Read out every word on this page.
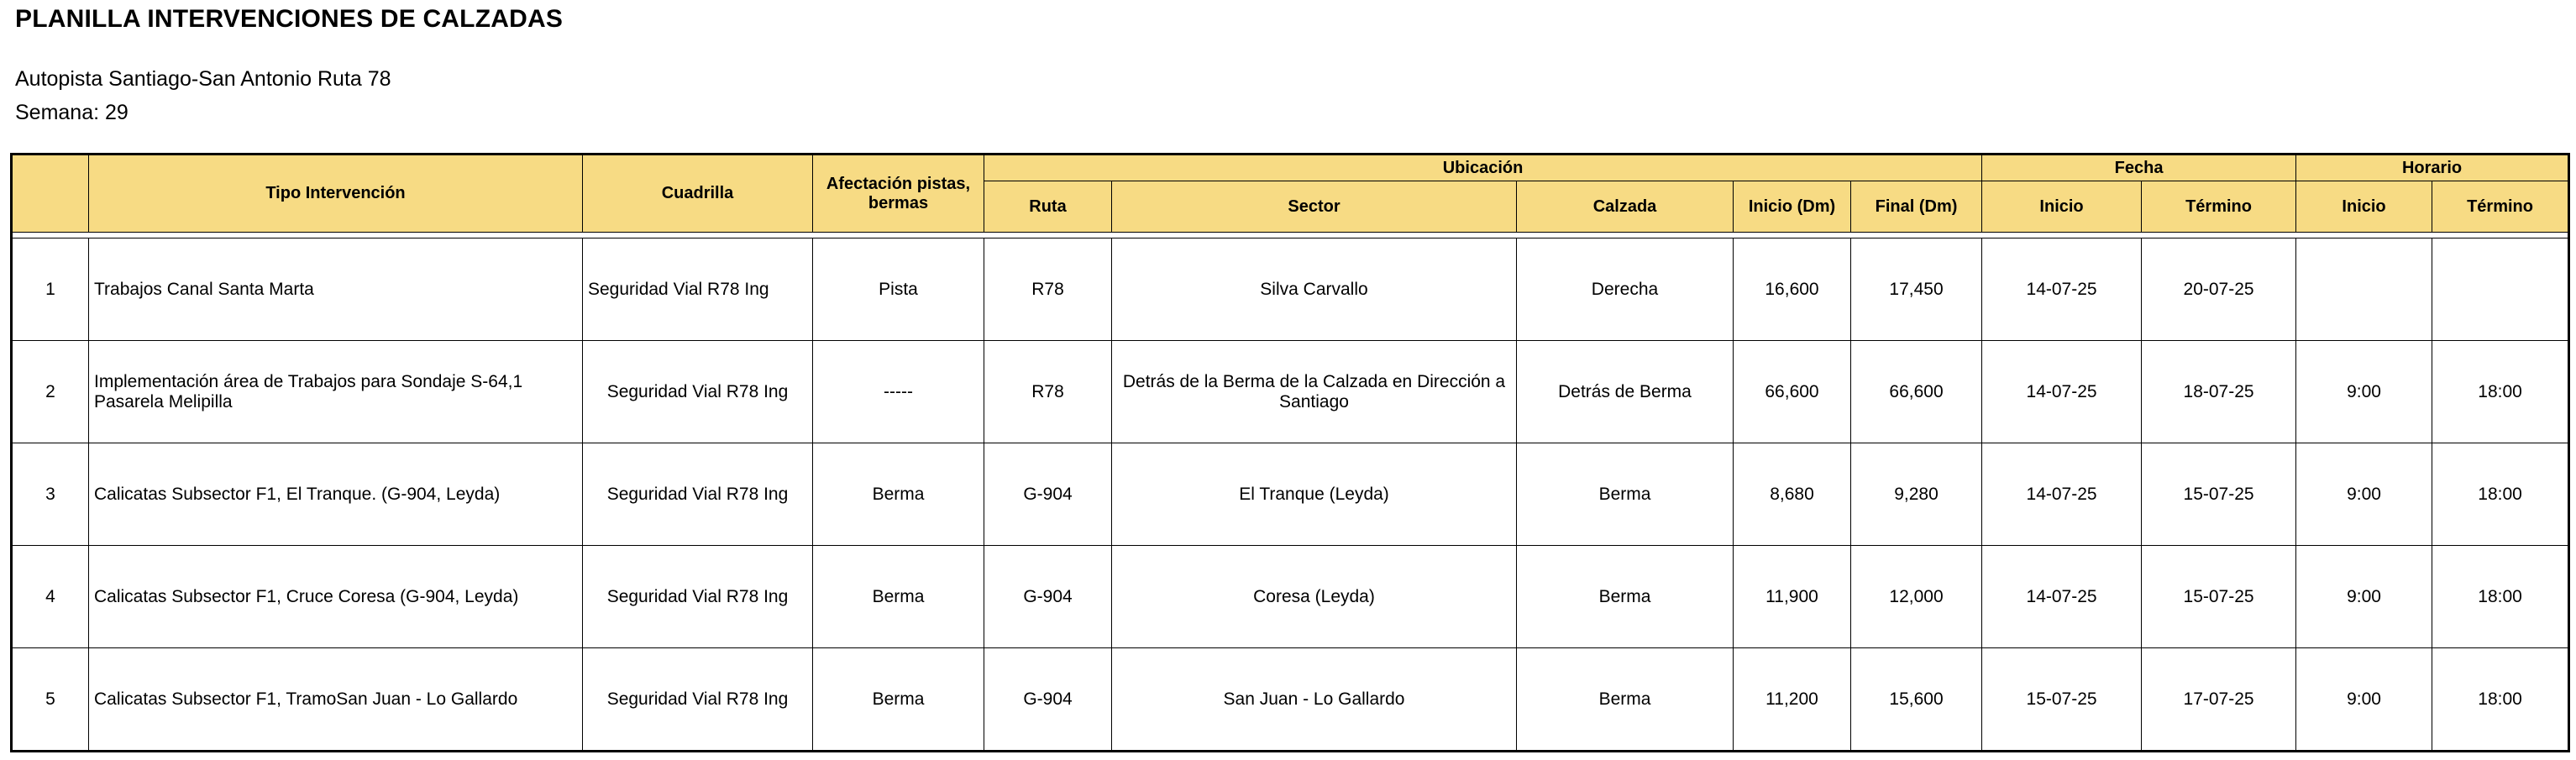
PLANILLA INTERVENCIONES DE CALZADAS
Autopista Santiago-San Antonio Ruta 78
Semana: 29
	Tipo Intervención	Cuadrilla	Afectación pistas, bermas	Ubicación					Fecha		Horario	
				Ruta	Sector	Calzada	Inicio (Dm)	Final (Dm)	Inicio	Término	Inicio	Término

1	Trabajos Canal Santa Marta	Seguridad Vial R78 Ing	Pista	R78	Silva Carvallo	Derecha	16,600	17,450	14-07-25	20-07-25		
2	Implementación área de Trabajos para Sondaje S-64,1 Pasarela Melipilla	Seguridad Vial R78 Ing	-----	R78	Detrás de la Berma de la Calzada en Dirección a Santiago	Detrás de Berma	66,600	66,600	14-07-25	18-07-25	9:00	18:00
3	Calicatas Subsector F1, El Tranque. (G-904, Leyda)	Seguridad Vial R78 Ing	Berma	G-904	El Tranque (Leyda)	Berma	8,680	9,280	14-07-25	15-07-25	9:00	18:00
4	Calicatas Subsector F1, Cruce Coresa (G-904, Leyda)	Seguridad Vial R78 Ing	Berma	G-904	Coresa (Leyda)	Berma	11,900	12,000	14-07-25	15-07-25	9:00	18:00
5	Calicatas Subsector F1, TramoSan Juan - Lo Gallardo	Seguridad Vial R78 Ing	Berma	G-904	San Juan - Lo Gallardo	Berma	11,200	15,600	15-07-25	17-07-25	9:00	18:00
